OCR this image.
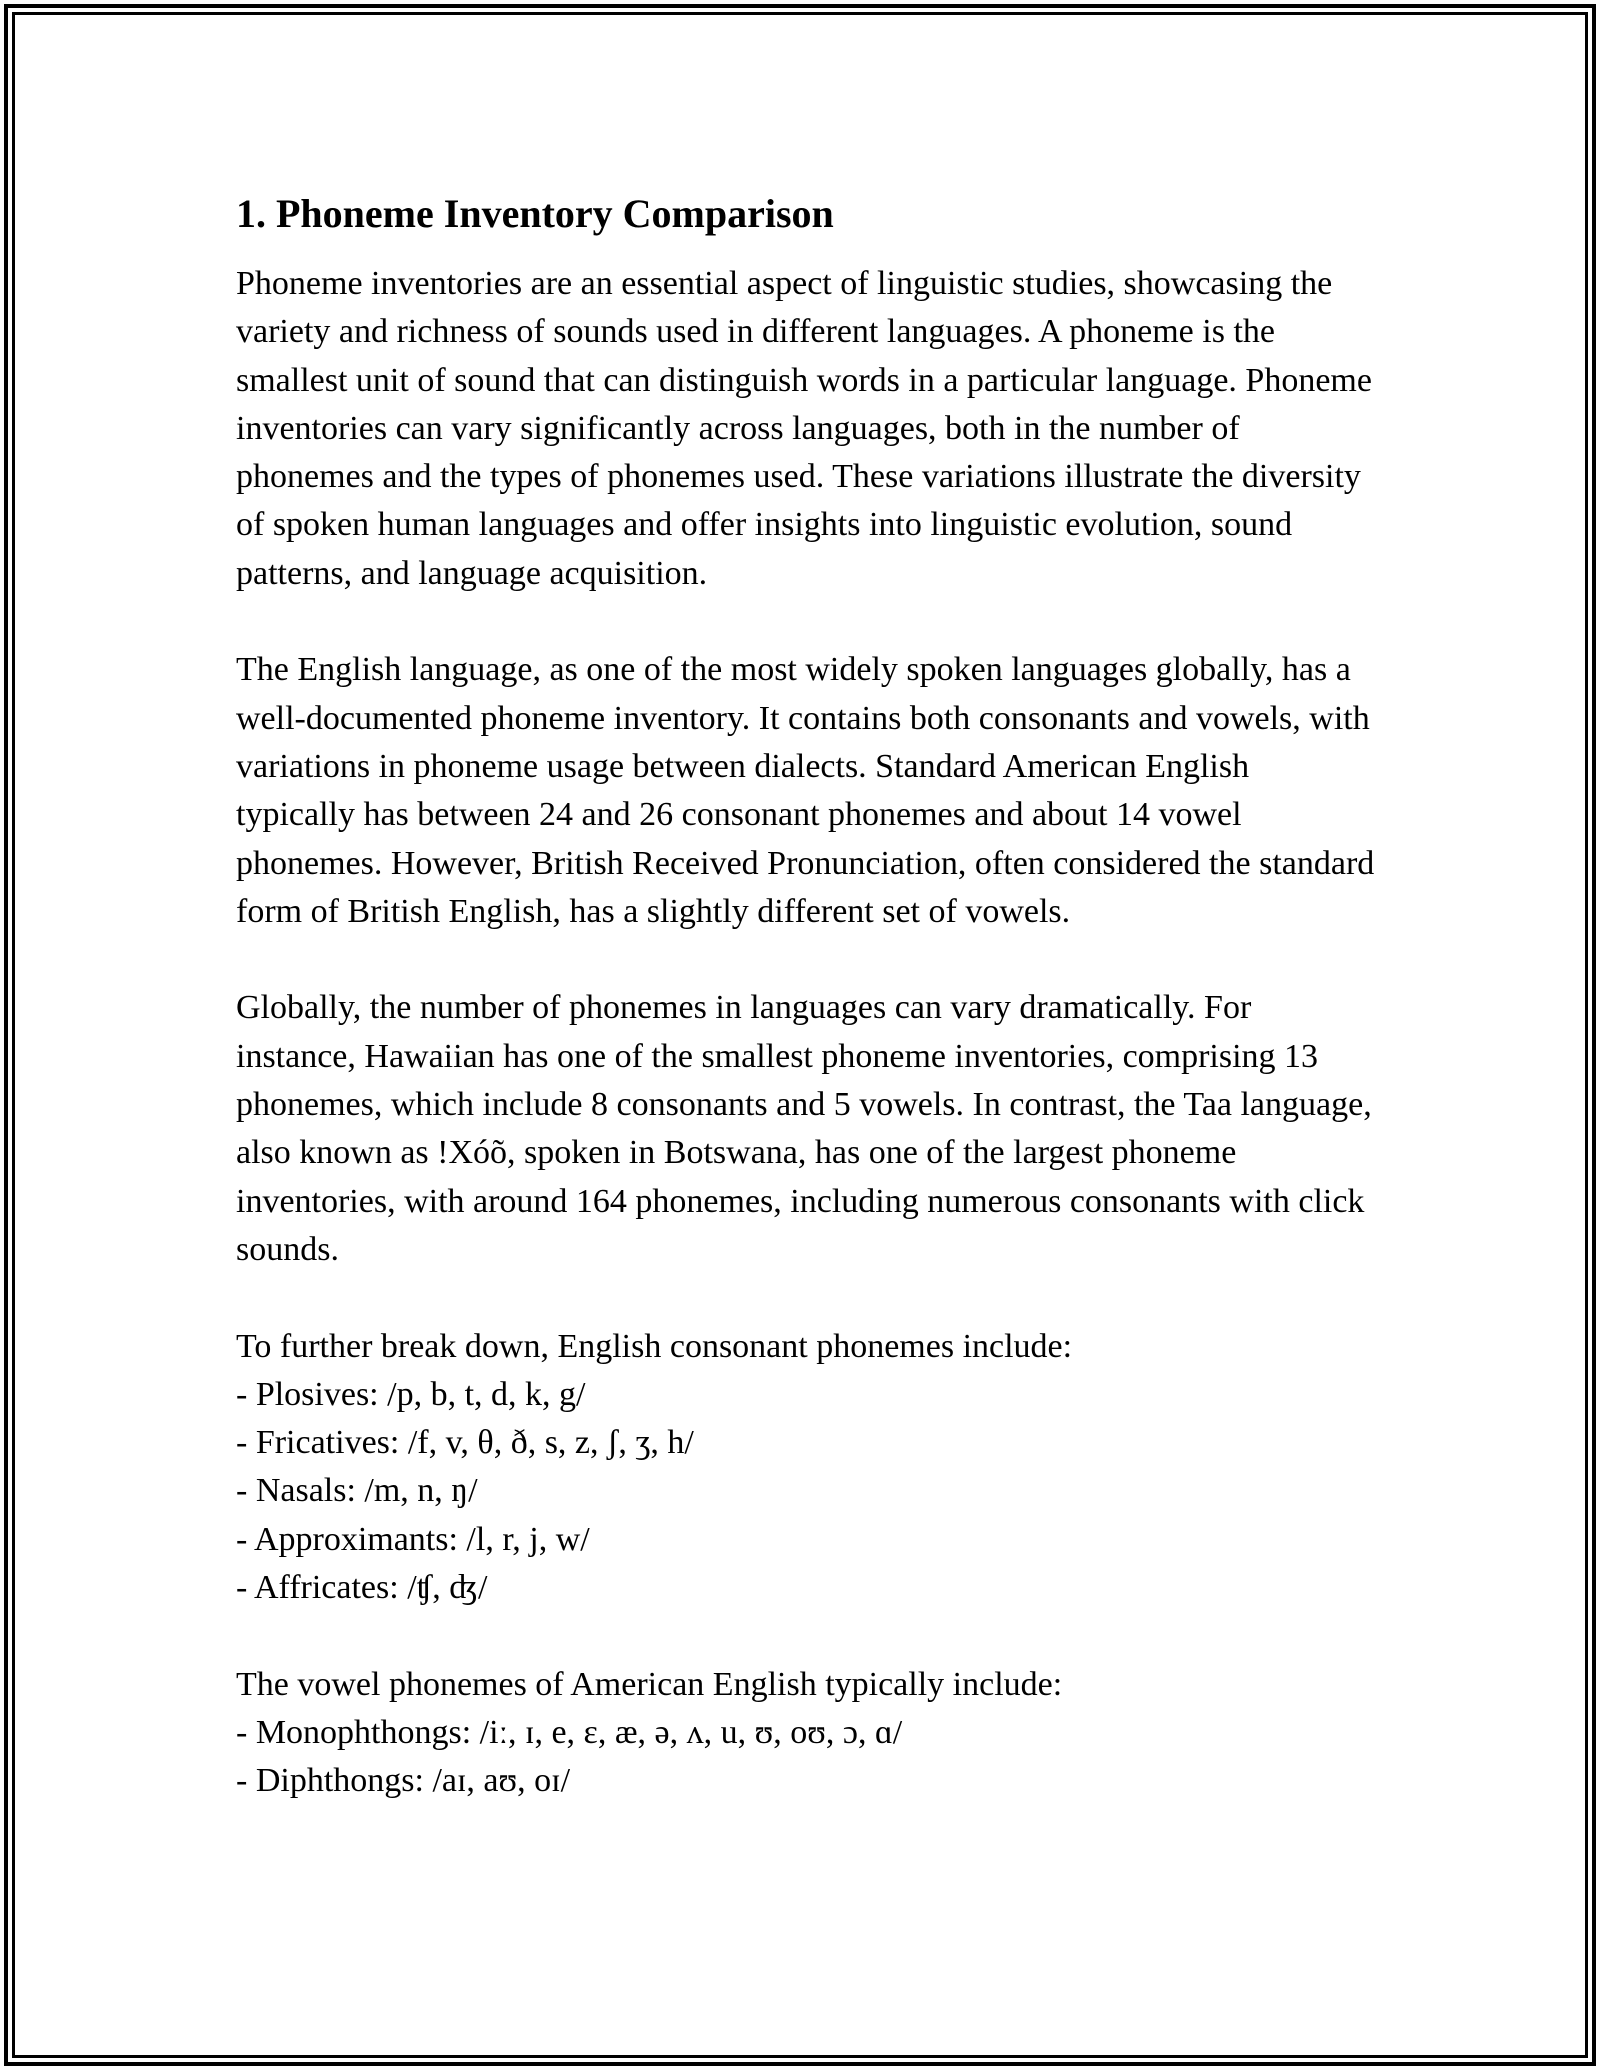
1. Phoneme Inventory Comparison

Phoneme inventories are an essential aspect of linguistic studies, showcasing the variety and richness of sounds used in different languages. A phoneme is the smallest unit of sound that can distinguish words in a particular language. Phoneme inventories can vary significantly across languages, both in the number of phonemes and the types of phonemes used. These variations illustrate the diversity of spoken human languages and offer insights into linguistic evolution, sound patterns, and language acquisition.

The English language, as one of the most widely spoken languages globally, has a well-documented phoneme inventory. It contains both consonants and vowels, with variations in phoneme usage between dialects. Standard American English typically has between 24 and 26 consonant phonemes and about 14 vowel phonemes. However, British Received Pronunciation, often considered the standard form of British English, has a slightly different set of vowels.

Globally, the number of phonemes in languages can vary dramatically. For instance, Hawaiian has one of the smallest phoneme inventories, comprising 13 phonemes, which include 8 consonants and 5 vowels. In contrast, the Taa language, also known as !Xóõ, spoken in Botswana, has one of the largest phoneme inventories, with around 164 phonemes, including numerous consonants with click sounds.

To further break down, English consonant phonemes include:
- Plosives: /p, b, t, d, k, g/
- Fricatives: /f, v, θ, ð, s, z, ʃ, ʒ, h/
- Nasals: /m, n, ŋ/
- Approximants: /l, r, j, w/
- Affricates: /ʧ, ʤ/
The vowel phonemes of American English typically include:
- Monophthongs: /iː, ɪ, e, ɛ, æ, ə, ʌ, u, ʊ, oʊ, ɔ, ɑ/
- Diphthongs: /aɪ, aʊ, oɪ/
